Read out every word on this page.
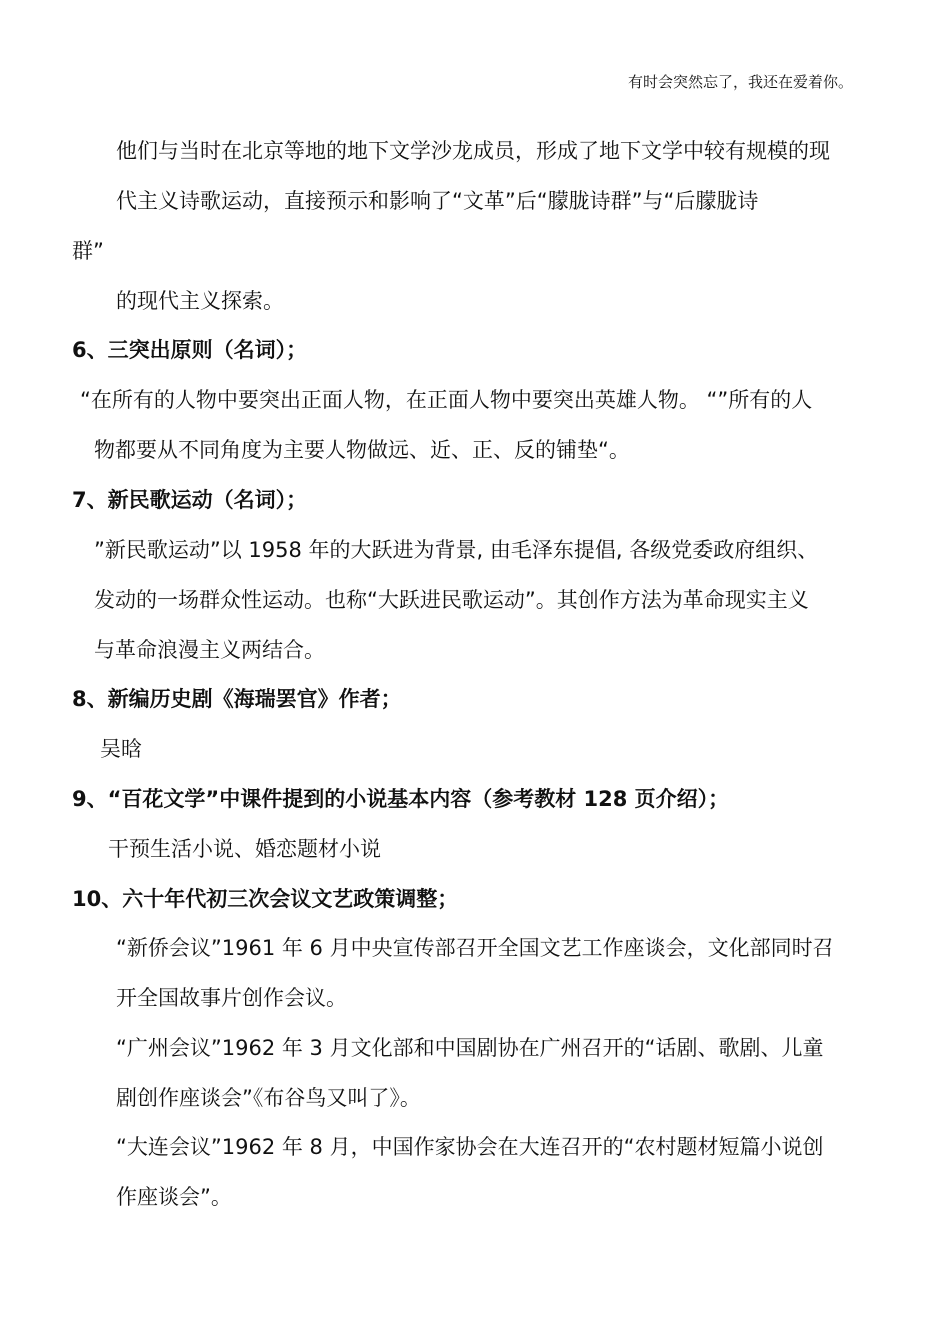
有时会突然忘了，我还在爱着你。
他们与当时在北京等地的地下文学沙龙成员，形成了地下文学中较有规模的现
代主义诗歌运动，直接预示和影响了“文革”后“朦胧诗群”与“后朦胧诗
群”
的现代主义探索。
6、三突出原则（名词）；
“在所有的人物中要突出正面人物，在正面人物中要突出英雄人物。 “”所有的人
物都要从不同角度为主要人物做远、近、正、反的铺垫“。
7、新民歌运动（名词）；
”新民歌运动”以 1958 年的大跃进为背景, 由毛泽东提倡, 各级党委政府组织、
发动的一场群众性运动。也称“大跃进民歌运动”。其创作方法为革命现实主义
与革命浪漫主义两结合。
8、新编历史剧《海瑞罢官》作者；
吴晗
9、“百花文学”中课件提到的小说基本内容（参考教材 128 页介绍）；
干预生活小说、婚恋题材小说
10、六十年代初三次会议文艺政策调整；
“新侨会议”1961 年 6 月中央宣传部召开全国文艺工作座谈会，文化部同时召
开全国故事片创作会议。
“广州会议”1962 年 3 月文化部和中国剧协在广州召开的“话剧、歌剧、儿童
剧创作座谈会”《布谷鸟又叫了》。
“大连会议”1962 年 8 月，中国作家协会在大连召开的“农村题材短篇小说创
作座谈会”。
